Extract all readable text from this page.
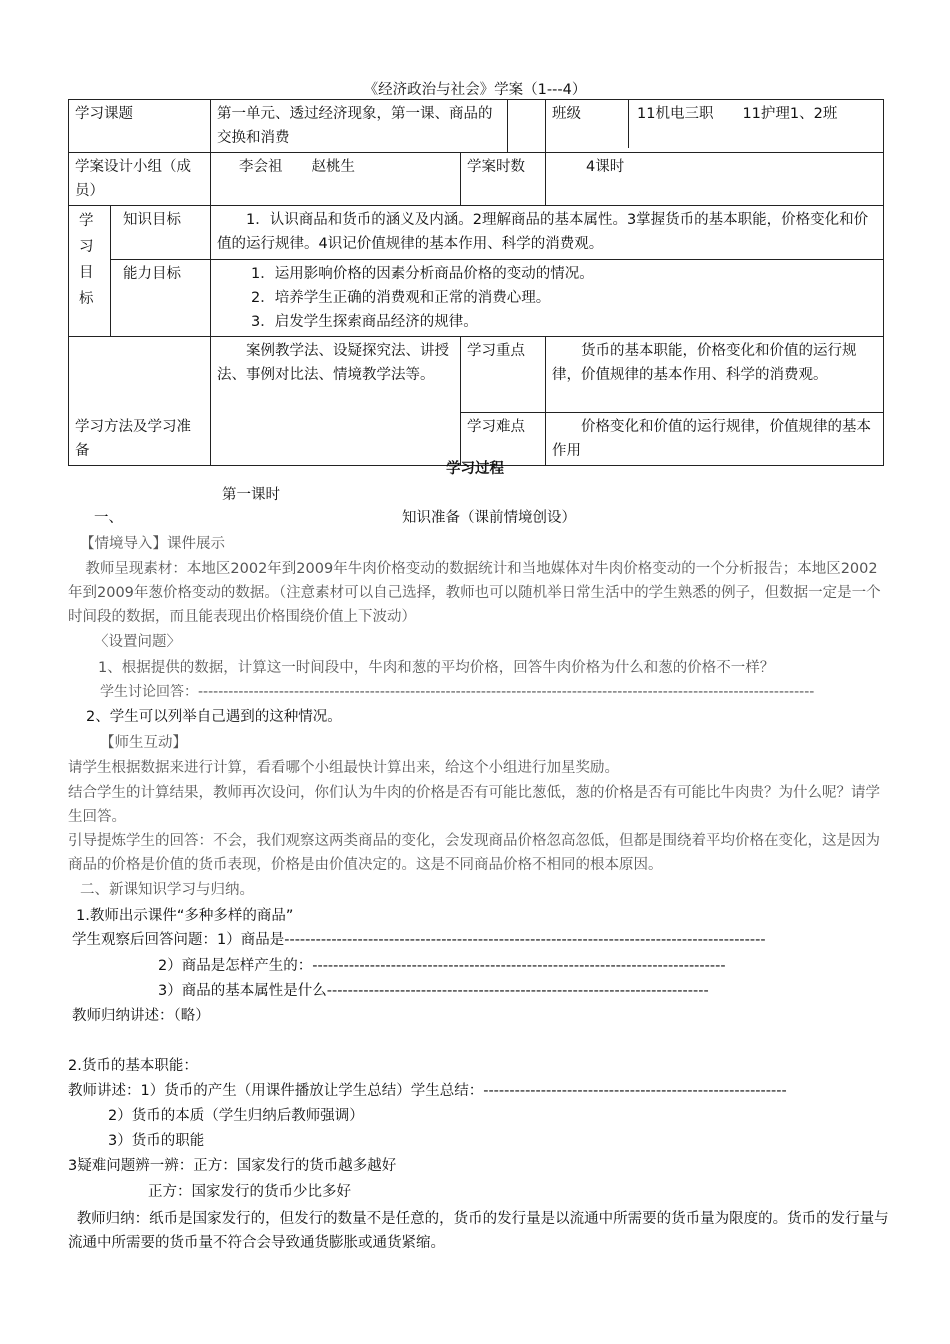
《经济政治与社会》学案（1---4）
学习课题		第一单元、透过经济现象，第一课、商品的交换和消费			班级 11机电三职　　11护理1、2班

学案设计小组（成员）		李会祖　　赵桃生	学案时数		4课时
学习目标	知识目标	1．认识商品和货币的涵义及内涵。2理解商品的基本属性。3掌握货币的基本职能，价格变化和价值的运行规律。4识记价值规律的基本作用、科学的消费观。			
	能力目标	1．运用影响价格的因素分析商品价格的变动的情况。
2．培养学生正确的消费观和正常的消费心理。
3．启发学生探索商品经济的规律。			

学习方法及学习准备		案例教学法、设疑探究法、讲授法、事例对比法、情境教学法等。	学习重点		货币的基本职能，价格变化和价值的运行规律，价值规律的基本作用、科学的消费观。
			学习难点		价格变化和价值的运行规律，价值规律的基本作用
学习过程
第一课时
一、	知识准备（课前情境创设）
【情境导入】课件展示
教师呈现素材：本地区2002年到2009年牛肉价格变动的数据统计和当地媒体对牛肉价格变动的一个分析报告；本地区2002年到2009年葱价格变动的数据。（注意素材可以自己选择，教师也可以随机举日常生活中的学生熟悉的例子，但数据一定是一个时间段的数据，而且能表现出价格围绕价值上下波动）
〈设置问题〉
1、根据提供的数据，计算这一时间段中，牛肉和葱的平均价格，回答牛肉价格为什么和葱的价格不一样？
学生讨论回答：--------------------------------------------------------------------------------------------------------------------------
2、学生可以列举自己遇到的这种情况。
【师生互动】
请学生根据数据来进行计算，看看哪个小组最快计算出来，给这个小组进行加星奖励。
结合学生的计算结果，教师再次设问，你们认为牛肉的价格是否有可能比葱低，葱的价格是否有可能比牛肉贵？为什么呢？请学生回答。
引导提炼学生的回答：不会，我们观察这两类商品的变化，会发现商品价格忽高忽低，但都是围绕着平均价格在变化，这是因为商品的价格是价值的货币表现，价格是由价值决定的。这是不同商品价格不相同的根本原因。
二、新课知识学习与归纳。
1.教师出示课件“多种多样的商品”
学生观察后回答问题：1）商品是--------------------------------------------------------------------------------------------
2）商品是怎样产生的：-------------------------------------------------------------------------------
3）商品的基本属性是什么-------------------------------------------------------------------------
教师归纳讲述：（略）
2.货币的基本职能：
教师讲述：1）货币的产生（用课件播放让学生总结）学生总结：----------------------------------------------------------
2）货币的本质（学生归纳后教师强调）
3）货币的职能
3疑难问题辨一辨：正方：国家发行的货币越多越好
正方：国家发行的货币少比多好
教师归纳：纸币是国家发行的，但发行的数量不是任意的，货币的发行量是以流通中所需要的货币量为限度的。货币的发行量与流通中所需要的货币量不符合会导致通货膨胀或通货紧缩。
